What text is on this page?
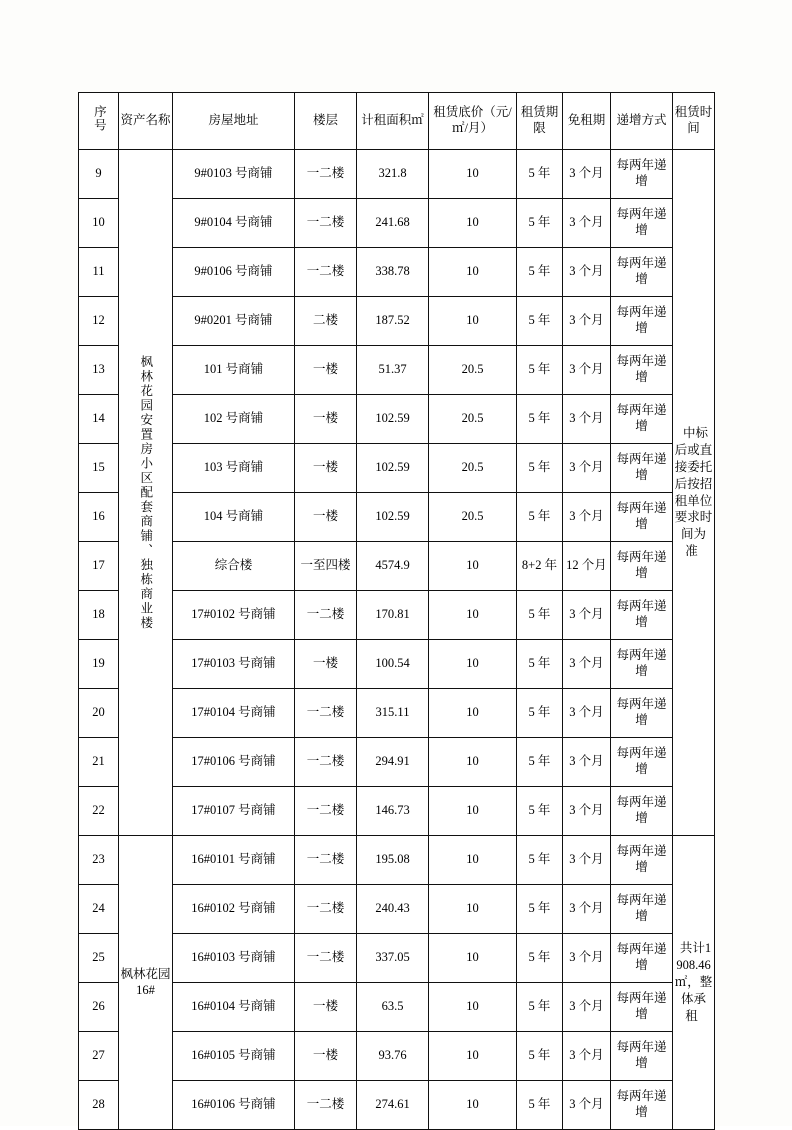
序号	资产名称	房屋地址	楼层	计租面积㎡	租赁底价（元/㎡/月）	租赁期限	免租期	递增方式	租赁时间

9	枫林花园安置房小区配套商铺、独栋商业楼	9#0103 号商铺	一二楼	321.8	10	5 年	3 个月	每两年递增	中标后或直接委托后按招租单位要求时间为准
10		9#0104 号商铺	一二楼	241.68	10	5 年	3 个月	每两年递增	
11		9#0106 号商铺	一二楼	338.78	10	5 年	3 个月	每两年递增	
12		9#0201 号商铺	二楼	187.52	10	5 年	3 个月	每两年递增	
13		101 号商铺	一楼	51.37	20.5	5 年	3 个月	每两年递增	
14		102 号商铺	一楼	102.59	20.5	5 年	3 个月	每两年递增	
15		103 号商铺	一楼	102.59	20.5	5 年	3 个月	每两年递增	
16		104 号商铺	一楼	102.59	20.5	5 年	3 个月	每两年递增	
17		综合楼	一至四楼	4574.9	10	8+2 年	12 个月	每两年递增	
18		17#0102 号商铺	一二楼	170.81	10	5 年	3 个月	每两年递增	
19		17#0103 号商铺	一楼	100.54	10	5 年	3 个月	每两年递增	
20		17#0104 号商铺	一二楼	315.11	10	5 年	3 个月	每两年递增	
21		17#0106 号商铺	一二楼	294.91	10	5 年	3 个月	每两年递增	
22		17#0107 号商铺	一二楼	146.73	10	5 年	3 个月	每两年递增	
23	枫林花园16#	16#0101 号商铺	一二楼	195.08	10	5 年	3 个月	每两年递增	共计1908.46㎡，整体承租
24		16#0102 号商铺	一二楼	240.43	10	5 年	3 个月	每两年递增	
25		16#0103 号商铺	一二楼	337.05	10	5 年	3 个月	每两年递增	
26		16#0104 号商铺	一楼	63.5	10	5 年	3 个月	每两年递增	
27		16#0105 号商铺	一楼	93.76	10	5 年	3 个月	每两年递增	
28		16#0106 号商铺	一二楼	274.61	10	5 年	3 个月	每两年递增	
